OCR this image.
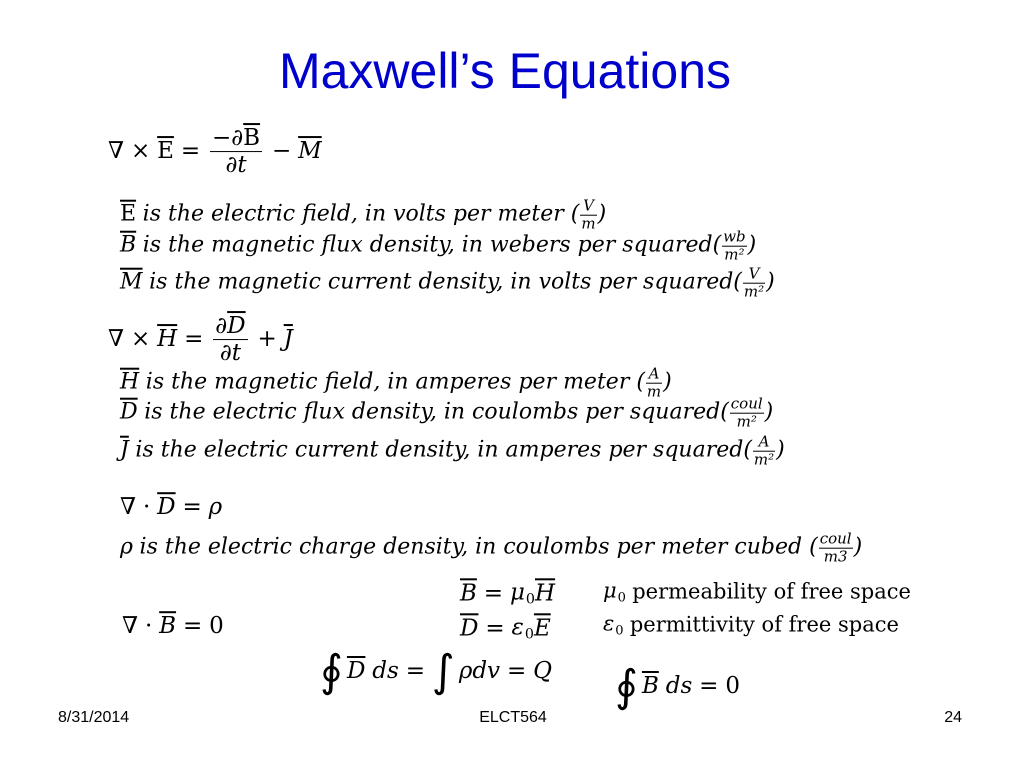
Maxwell’s Equations
∇ × $\overline{E} = \frac{-\partial\overline{B}}{\partial t} - \overline{M}$
$\overline{E}$ is the electric field, in volts per meter ( $\frac{V}{m}$ )
$\overline{B}$ is the magnetic flux density, in webers per squared( $\frac{wb}{\text{m²}}$ )
$\overline{M}$ is the magnetic current density, in volts per squared( $\frac{V}{\text{m²}}$ )
∇ × $\overline{H} = \frac{\partial\overline{D}}{\partial t} + \overline{J}$
$\overline{H}$ is the magnetic field, in amperes per meter ( $\frac{A}{m}$ )
$\overline{D}$ is the electric flux density, in coulombs per squared( $\frac{\text{coul}}{\text{m²}}$ )
$\overline{J}$ is the electric current density, in amperes per squared( $\frac{A}{\text{m²}}$ )
∇ · $\overline{D} = \rho$
ρ is the electric charge density, in coulombs per meter cubed ( $\frac{\text{coul}}{m3}$ )
∇ · $\overline{B} = 0$
$\overline{B} = \mu_0$ $\overline{H}$
$\overline{D} = \varepsilon_0$ $\overline{E}$
$\mu_0$ permeability of free space
$\varepsilon_0$ permittivity of free space
∮ $\overline{D}$ ds = ∫ ρdv = Q ∮ $\overline{B}$ ds = 0
8/31/2014	ELCT564	24
